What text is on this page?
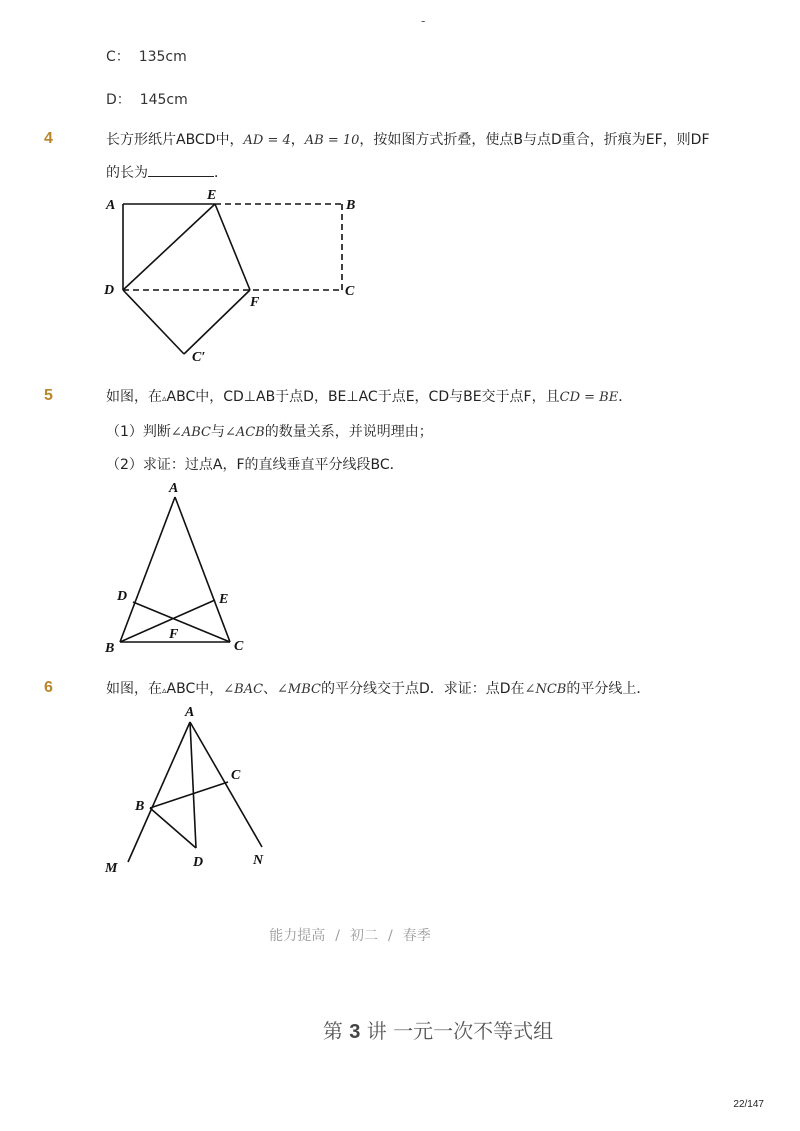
-
C： 135cm
D： 145cm
4	长方形纸片ABCD中，AD = 4，AB = 10，按如图方式折叠，使点B与点D重合，折痕为EF，则DF
的长为	．
A
E
B
D
F
C
C′
A
D	E
F
B	C
A
C
B
M	D	N
5	如图，在▵ABC中，CD⊥AB于点D，BE⊥AC于点E，CD与BE交于点F，且CD = BE．
（1）判断∠ABC与∠ACB的数量关系，并说明理由；
（2）求证：过点A，F的直线垂直平分线段BC．
6	如图，在▵ABC中，∠BAC、∠MBC的平分线交于点D．求证：点D在∠NCB的平分线上．
能力提高 / 初二 / 春季
第 3 讲 一元一次不等式组
22/147
